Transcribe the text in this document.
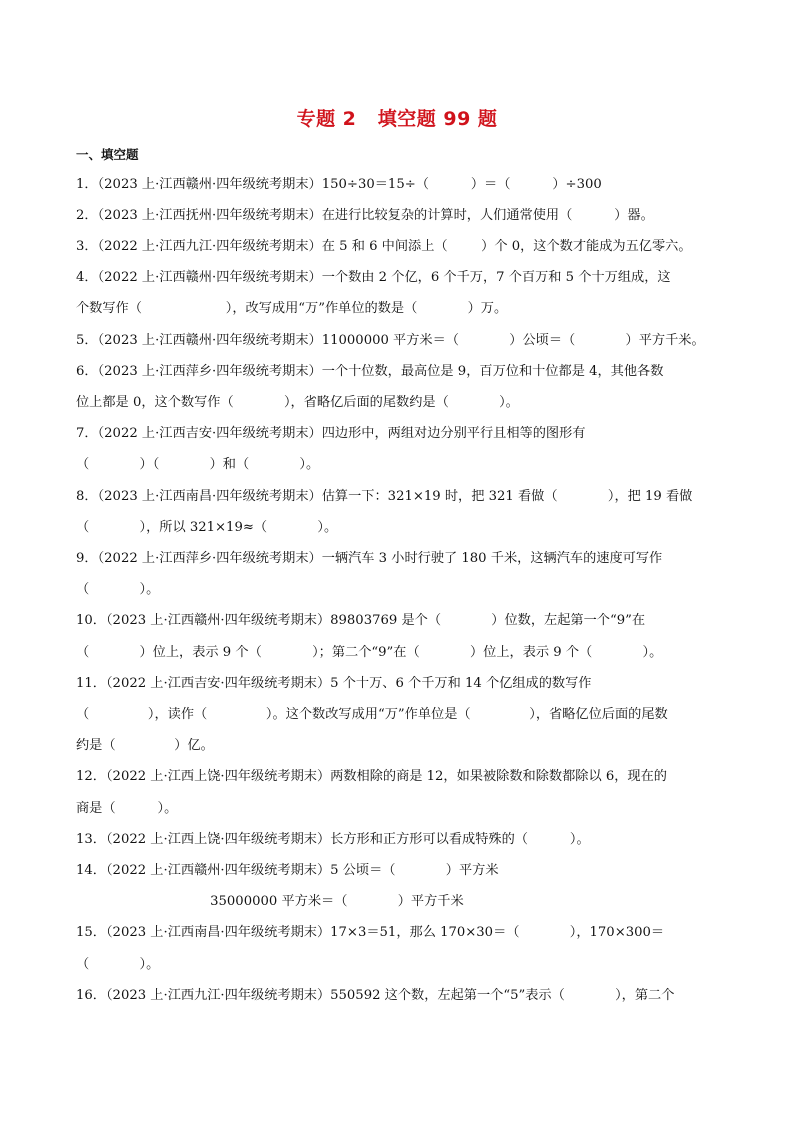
专题 2   填空题 99 题
一、填空题
1．（2023 上·江西赣州·四年级统考期末）150÷30＝15÷（          ）＝（          ）÷300
2．（2023 上·江西抚州·四年级统考期末）在进行比较复杂的计算时，人们通常使用（          ）器。
3．（2022 上·江西九江·四年级统考期末）在 5 和 6 中间添上（        ）个 0，这个数才能成为五亿零六。
4．（2022 上·江西赣州·四年级统考期末）一个数由 2 个亿，6 个千万，7 个百万和 5 个十万组成，这
个数写作（                    ），改写成用“万”作单位的数是（            ）万。
5．（2023 上·江西赣州·四年级统考期末）11000000 平方米＝（            ）公顷＝（            ）平方千米。
6．（2023 上·江西萍乡·四年级统考期末）一个十位数，最高位是 9，百万位和十位都是 4，其他各数
位上都是 0，这个数写作（            ），省略亿后面的尾数约是（            ）。
7．（2022 上·江西吉安·四年级统考期末）四边形中，两组对边分别平行且相等的图形有
（            ）（            ）和（            ）。
8．（2023 上·江西南昌·四年级统考期末）估算一下：321×19 时，把 321 看做（            ），把 19 看做
（            ），所以 321×19≈（            ）。
9．（2022 上·江西萍乡·四年级统考期末）一辆汽车 3 小时行驶了 180 千米，这辆汽车的速度可写作
（            ）。
10．（2023 上·江西赣州·四年级统考期末）89803769 是个（            ）位数，左起第一个“9”在
（            ）位上，表示 9 个（            ）；第二个“9”在（            ）位上，表示 9 个（            ）。
11．（2022 上·江西吉安·四年级统考期末）5 个十万、6 个千万和 14 个亿组成的数写作
（              ），读作（              ）。这个数改写成用“万”作单位是（              ），省略亿位后面的尾数
约是（              ）亿。
12．（2022 上·江西上饶·四年级统考期末）两数相除的商是 12，如果被除数和除数都除以 6，现在的
商是（          ）。
13．（2022 上·江西上饶·四年级统考期末）长方形和正方形可以看成特殊的（          ）。
14．（2022 上·江西赣州·四年级统考期末）5 公顷＝（            ）平方米
35000000 平方米＝（            ）平方千米
15．（2023 上·江西南昌·四年级统考期末）17×3＝51，那么 170×30＝（            ），170×300＝
（            ）。
16．（2023 上·江西九江·四年级统考期末）550592 这个数，左起第一个“5”表示（            ），第二个
